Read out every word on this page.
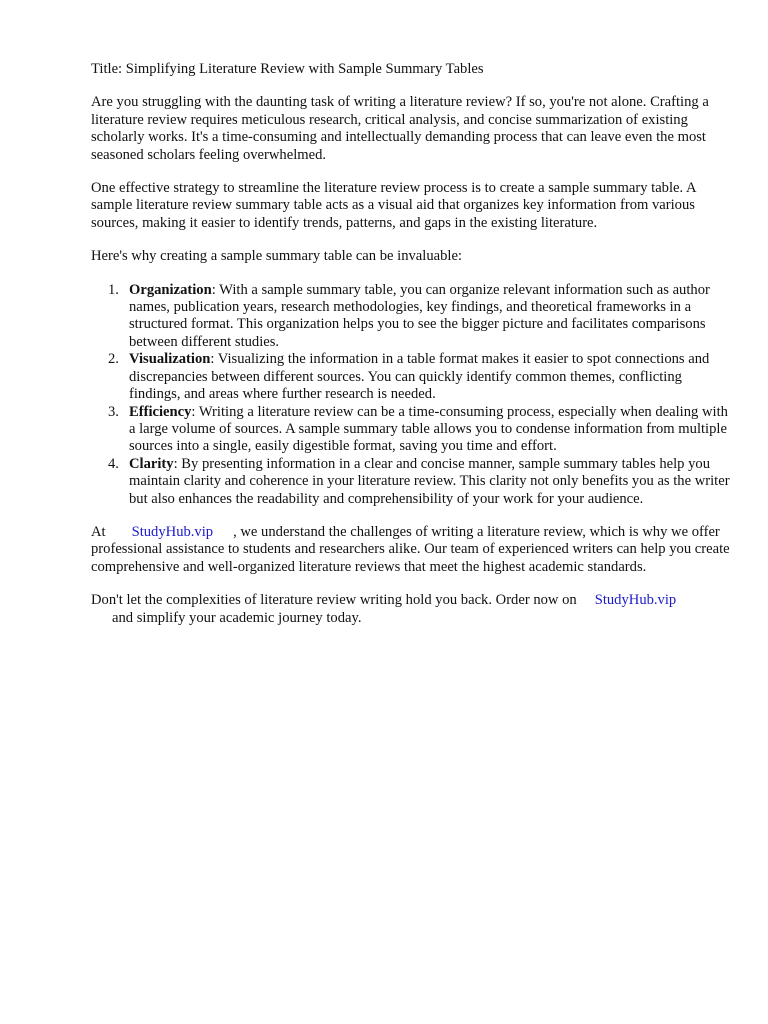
Title: Simplifying Literature Review with Sample Summary Tables

Are you struggling with the daunting task of writing a literature review? If so, you're not alone. Crafting a literature review requires meticulous research, critical analysis, and concise summarization of existing scholarly works. It's a time-consuming and intellectually demanding process that can leave even the most seasoned scholars feeling overwhelmed.

One effective strategy to streamline the literature review process is to create a sample summary table. A sample literature review summary table acts as a visual aid that organizes key information from various sources, making it easier to identify trends, patterns, and gaps in the existing literature.

Here's why creating a sample summary table can be invaluable:

1. Organization: With a sample summary table, you can organize relevant information such as author names, publication years, research methodologies, key findings, and theoretical frameworks in a structured format. This organization helps you to see the bigger picture and facilitates comparisons between different studies.
2. Visualization: Visualizing the information in a table format makes it easier to spot connections and discrepancies between different sources. You can quickly identify common themes, conflicting findings, and areas where further research is needed.
3. Efficiency: Writing a literature review can be a time-consuming process, especially when dealing with a large volume of sources. A sample summary table allows you to condense information from multiple sources into a single, easily digestible format, saving you time and effort.
4. Clarity: By presenting information in a clear and concise manner, sample summary tables help you maintain clarity and coherence in your literature review. This clarity not only benefits you as the writer but also enhances the readability and comprehensibility of your work for your audience.

At StudyHub.vip , we understand the challenges of writing a literature review, which is why we offer professional assistance to students and researchers alike. Our team of experienced writers can help you create comprehensive and well-organized literature reviews that meet the highest academic standards.

Don't let the complexities of literature review writing hold you back. Order now on StudyHub.vip
and simplify your academic journey today.
